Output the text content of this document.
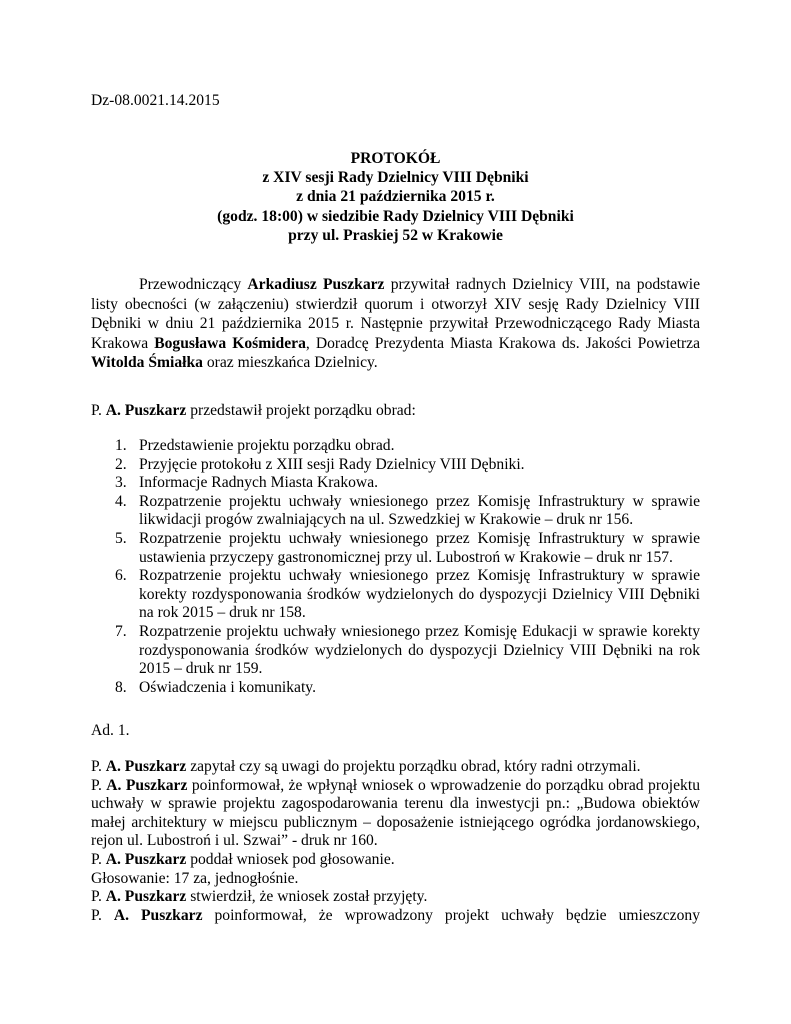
Dz-08.0021.14.2015
PROTOKÓŁ
z XIV sesji Rady Dzielnicy VIII Dębniki
z dnia 21 października 2015 r.
(godz. 18:00) w siedzibie Rady Dzielnicy VIII Dębniki
przy ul. Praskiej 52 w Krakowie
Przewodniczący Arkadiusz Puszkarz przywitał radnych Dzielnicy VIII, na podstawie
listy obecności (w załączeniu) stwierdził quorum i otworzył XIV sesję Rady Dzielnicy VIII
Dębniki w dniu 21 października 2015 r. Następnie przywitał Przewodniczącego Rady Miasta
Krakowa Bogusława Kośmidera, Doradcę Prezydenta Miasta Krakowa ds. Jakości Powietrza
Witolda Śmiałka oraz mieszkańca Dzielnicy.
P. A. Puszkarz przedstawił projekt porządku obrad:
1. Przedstawienie projektu porządku obrad.
2. Przyjęcie protokołu z XIII sesji Rady Dzielnicy VIII Dębniki.
3. Informacje Radnych Miasta Krakowa.
4. Rozpatrzenie projektu uchwały wniesionego przez Komisję Infrastruktury w sprawie
likwidacji progów zwalniających na ul. Szwedzkiej w Krakowie – druk nr 156.
5. Rozpatrzenie projektu uchwały wniesionego przez Komisję Infrastruktury w sprawie
ustawienia przyczepy gastronomicznej przy ul. Lubostroń w Krakowie – druk nr 157.
6. Rozpatrzenie projektu uchwały wniesionego przez Komisję Infrastruktury w sprawie
korekty rozdysponowania środków wydzielonych do dyspozycji Dzielnicy VIII Dębniki
na rok 2015 – druk nr 158.
7. Rozpatrzenie projektu uchwały wniesionego przez Komisję Edukacji w sprawie korekty
rozdysponowania środków wydzielonych do dyspozycji Dzielnicy VIII Dębniki na rok
2015 – druk nr 159.
8. Oświadczenia i komunikaty.
Ad. 1.
P. A. Puszkarz zapytał czy są uwagi do projektu porządku obrad, który radni otrzymali.
P. A. Puszkarz poinformował, że wpłynął wniosek o wprowadzenie do porządku obrad projektu
uchwały w sprawie projektu zagospodarowania terenu dla inwestycji pn.: „Budowa obiektów
małej architektury w miejscu publicznym – doposażenie istniejącego ogródka jordanowskiego,
rejon ul. Lubostroń i ul. Szwai” - druk nr 160.
P. A. Puszkarz poddał wniosek pod głosowanie.
Głosowanie: 17 za, jednogłośnie.
P. A. Puszkarz stwierdził, że wniosek został przyjęty.
P. A. Puszkarz poinformował, że wprowadzony projekt uchwały będzie umieszczony
